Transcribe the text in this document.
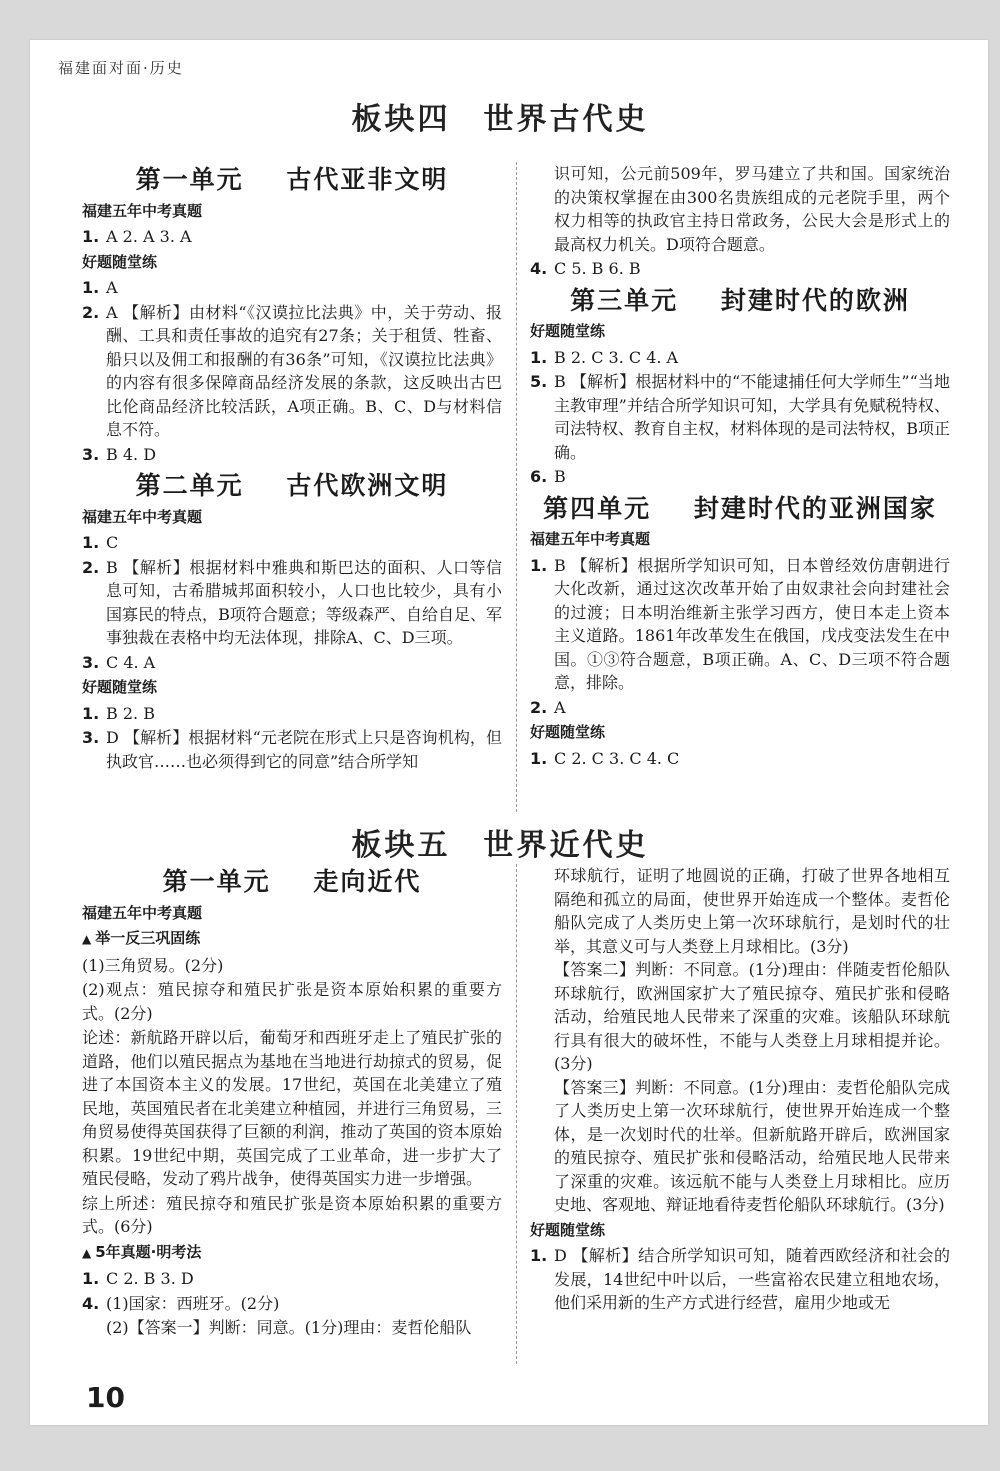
福建面对面·历史
板块四　世界古代史
第一单元    古代亚非文明
福建五年中考真题
1. A 2. A 3. A
好题随堂练
1. A
2. A 【解析】由材料“《汉谟拉比法典》中，关于劳动、报酬、工具和责任事故的追究有27条；关于租赁、牲畜、船只以及佣工和报酬的有36条”可知，《汉谟拉比法典》的内容有很多保障商品经济发展的条款，这反映出古巴比伦商品经济比较活跃，A项正确。B、C、D与材料信息不符。
3. B 4. D
第二单元    古代欧洲文明
福建五年中考真题
1. C
2. B 【解析】根据材料中雅典和斯巴达的面积、人口等信息可知，古希腊城邦面积较小，人口也比较少，具有小国寡民的特点，B项符合题意；等级森严、自给自足、军事独裁在表格中均无法体现，排除A、C、D三项。
3. C 4. A
好题随堂练
1. B 2. B
3. D 【解析】根据材料“元老院在形式上只是咨询机构，但执政官……也必须得到它的同意”结合所学知
识可知，公元前509年，罗马建立了共和国。国家统治的决策权掌握在由300名贵族组成的元老院手里，两个权力相等的执政官主持日常政务，公民大会是形式上的最高权力机关。D项符合题意。
4. C 5. B 6. B
第三单元    封建时代的欧洲
好题随堂练
1. B 2. C 3. C 4. A
5. B 【解析】根据材料中的“不能逮捕任何大学师生”“当地主教审理”并结合所学知识可知，大学具有免赋税特权、司法特权、教育自主权，材料体现的是司法特权，B项正确。
6. B
第四单元    封建时代的亚洲国家
福建五年中考真题
1. B 【解析】根据所学知识可知，日本曾经效仿唐朝进行大化改新，通过这次改革开始了由奴隶社会向封建社会的过渡；日本明治维新主张学习西方，使日本走上资本主义道路。1861年改革发生在俄国，戊戌变法发生在中国。①③符合题意，B项正确。A、C、D三项不符合题意，排除。
2. A
好题随堂练
1. C 2. C 3. C 4. C
板块五　世界近代史
第一单元    走向近代
福建五年中考真题
▲ 举一反三巩固练
(1)三角贸易。(2分)
(2)观点：殖民掠夺和殖民扩张是资本原始积累的重要方式。(2分)
论述：新航路开辟以后，葡萄牙和西班牙走上了殖民扩张的道路，他们以殖民据点为基地在当地进行劫掠式的贸易，促进了本国资本主义的发展。17世纪，英国在北美建立了殖民地，英国殖民者在北美建立种植园，并进行三角贸易，三角贸易使得英国获得了巨额的利润，推动了英国的资本原始积累。19世纪中期，英国完成了工业革命，进一步扩大了殖民侵略，发动了鸦片战争，使得英国实力进一步增强。
综上所述：殖民掠夺和殖民扩张是资本原始积累的重要方式。(6分)
▲ 5年真题·明考法
1. C 2. B 3. D
4. (1)国家：西班牙。(2分)
(2)【答案一】判断：同意。(1分)理由：麦哲伦船队
环球航行，证明了地圆说的正确，打破了世界各地相互隔绝和孤立的局面，使世界开始连成一个整体。麦哲伦船队完成了人类历史上第一次环球航行，是划时代的壮举，其意义可与人类登上月球相比。(3分)
【答案二】判断：不同意。(1分)理由：伴随麦哲伦船队环球航行，欧洲国家扩大了殖民掠夺、殖民扩张和侵略活动，给殖民地人民带来了深重的灾难。该船队环球航行具有很大的破坏性，不能与人类登上月球相提并论。(3分)
【答案三】判断：不同意。(1分)理由：麦哲伦船队完成了人类历史上第一次环球航行，使世界开始连成一个整体，是一次划时代的壮举。但新航路开辟后，欧洲国家的殖民掠夺、殖民扩张和侵略活动，给殖民地人民带来了深重的灾难。该远航不能与人类登上月球相比。应历史地、客观地、辩证地看待麦哲伦船队环球航行。(3分)
好题随堂练
1. D 【解析】结合所学知识可知，随着西欧经济和社会的发展，14世纪中叶以后，一些富裕农民建立租地农场，他们采用新的生产方式进行经营，雇用少地或无
10
